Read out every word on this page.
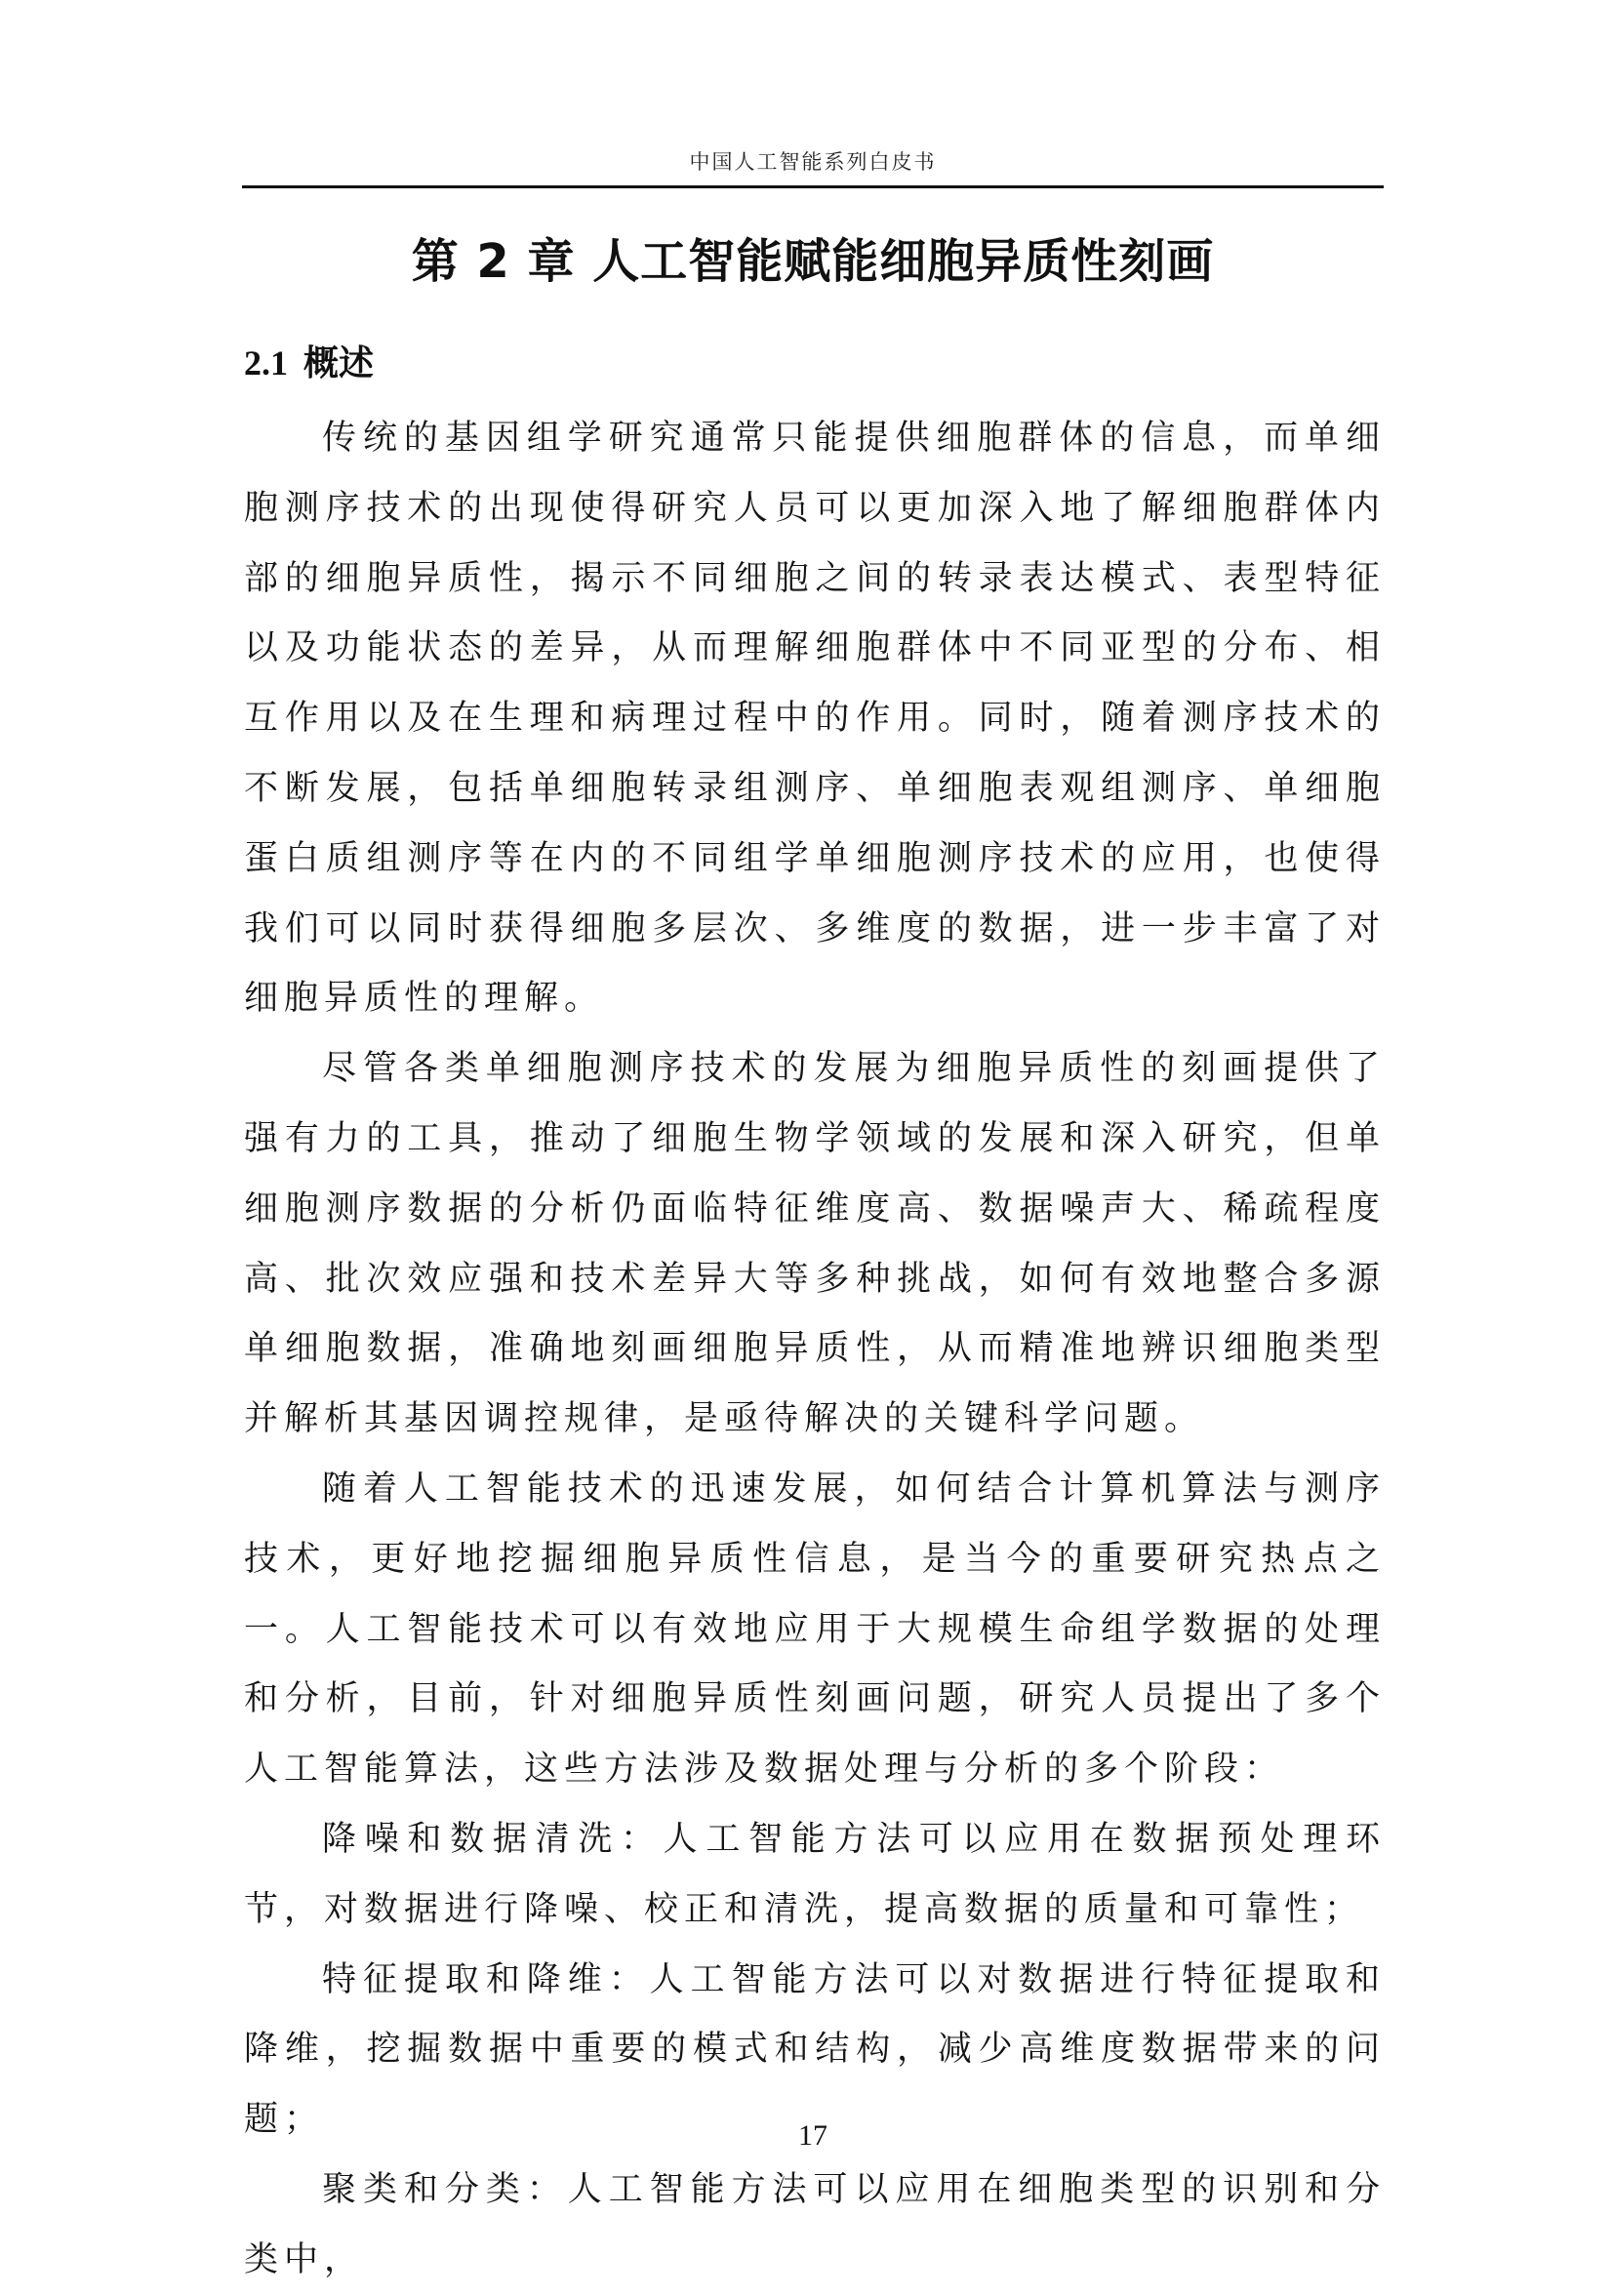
中国人工智能系列白皮书
第 2 章 人工智能赋能细胞异质性刻画
2.1 概述

传统的基因组学研究通常只能提供细胞群体的信息，而单细胞测序技术的出现使得研究人员可以更加深入地了解细胞群体内部的细胞异质性，揭示不同细胞之间的转录表达模式、表型特征以及功能状态的差异，从而理解细胞群体中不同亚型的分布、相互作用以及在生理和病理过程中的作用。同时，随着测序技术的不断发展，包括单细胞转录组测序、单细胞表观组测序、单细胞蛋白质组测序等在内的不同组学单细胞测序技术的应用，也使得我们可以同时获得细胞多层次、多维度的数据，进一步丰富了对细胞异质性的理解。

尽管各类单细胞测序技术的发展为细胞异质性的刻画提供了强有力的工具，推动了细胞生物学领域的发展和深入研究，但单细胞测序数据的分析仍面临特征维度高、数据噪声大、稀疏程度高、批次效应强和技术差异大等多种挑战，如何有效地整合多源单细胞数据，准确地刻画细胞异质性，从而精准地辨识细胞类型并解析其基因调控规律，是亟待解决的关键科学问题。

随着人工智能技术的迅速发展，如何结合计算机算法与测序技术，更好地挖掘细胞异质性信息，是当今的重要研究热点之一。人工智能技术可以有效地应用于大规模生命组学数据的处理和分析，目前，针对细胞异质性刻画问题，研究人员提出了多个人工智能算法，这些方法涉及数据处理与分析的多个阶段：

降噪和数据清洗：人工智能方法可以应用在数据预处理环节，对数据进行降噪、校正和清洗，提高数据的质量和可靠性；

特征提取和降维：人工智能方法可以对数据进行特征提取和降维，挖掘数据中重要的模式和结构，减少高维度数据带来的问题；

聚类和分类：人工智能方法可以应用在细胞类型的识别和分类中，

17
